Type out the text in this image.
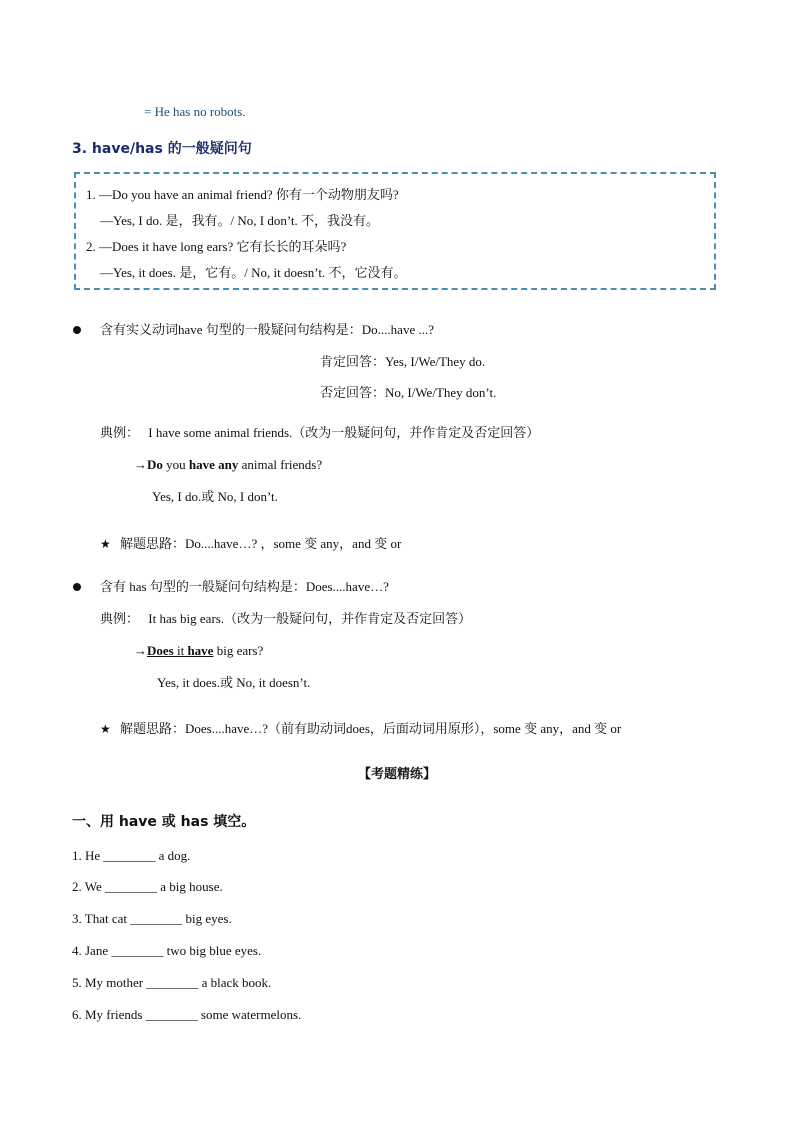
= He has no robots.
3. have/has 的一般疑问句
1. —Do you have an animal friend? 你有一个动物朋友吗?
—Yes, I do. 是，我有。/ No, I don’t. 不，我没有。
2. —Does it have long ears? 它有长长的耳朵吗?
—Yes, it does. 是，它有。/ No, it doesn’t. 不，它没有。
含有实义动词have 句型的一般疑问句结构是：Do....have ...?
肯定回答：Yes, I/We/They do.
否定回答：No, I/We/They don’t.
典例： I have some animal friends.（改为一般疑问句，并作肯定及否定回答）
→Do you have any animal friends?
Yes, I do.或 No, I don’t.
★ 解题思路：Do....have…? ，some 变 any，and 变 or
含有 has 句型的一般疑问句结构是：Does....have…?
典例： It has big ears.（改为一般疑问句，并作肯定及否定回答）
→Does it have big ears?
Yes, it does.或 No, it doesn’t.
★ 解题思路：Does....have…?（前有助动词does，后面动词用原形），some 变 any，and 变 or
【考题精练】
一、用 have 或 has 填空。
1. He ________ a dog.
2. We ________ a big house.
3. That cat ________ big eyes.
4. Jane ________ two big blue eyes.
5. My mother ________ a black book.
6. My friends ________ some watermelons.
